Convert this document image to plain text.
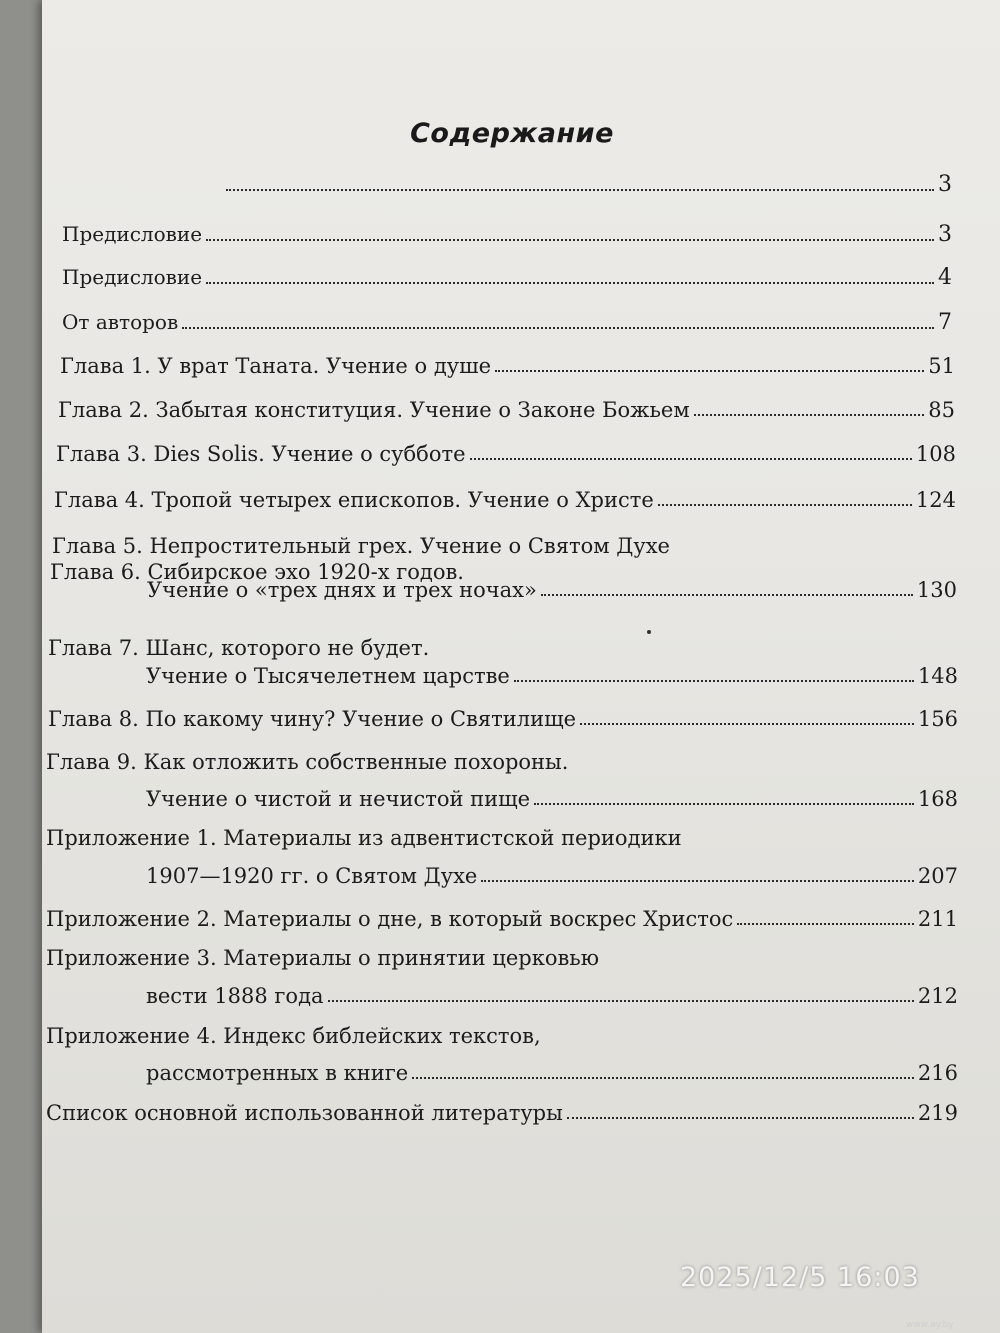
Содержание
3
Предисловие	3
Предисловие	4
От авторов	7
Глава 1. У врат Таната. Учение о душе	51
Глава 2. Забытая конституция. Учение о Законе Божьем	85
Глава 3. Dies Solis. Учение о субботе	108
Глава 4. Тропой четырех епископов. Учение о Христе	124
Глава 5. Непростительный грех. Учение о Святом Духе
Глава 6. Сибирское эхо 1920-х годов.
Учение о «трех днях и трех ночах»	130
Глава 7. Шанс, которого не будет.
Учение о Тысячелетнем царстве	148
Глава 8. По какому чину? Учение о Святилище	156
Глава 9. Как отложить собственные похороны.
Учение о чистой и нечистой пище	168
Приложение 1. Материалы из адвентистской периодики
1907—1920 гг. о Святом Духе	207
Приложение 2. Материалы о дне, в который воскрес Христос	211
Приложение 3. Материалы о принятии церковью
вести 1888 года	212
Приложение 4. Индекс библейских текстов,
рассмотренных в книге	216
Список основной использованной литературы	219
2025/12/5 16:03
www.ay.by
